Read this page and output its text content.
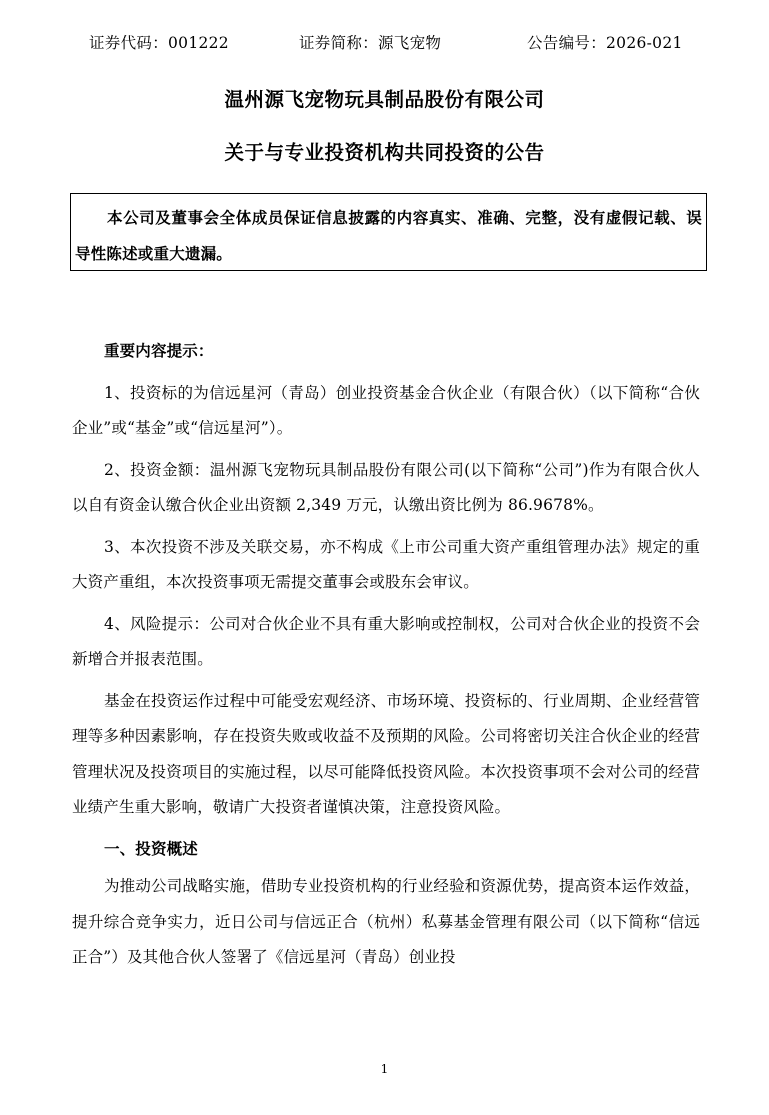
证券代码：001222	证券简称：源飞宠物	公告编号：2026-021
温州源飞宠物玩具制品股份有限公司
关于与专业投资机构共同投资的公告
本公司及董事会全体成员保证信息披露的内容真实、准确、完整，没有虚假记载、误导性陈述或重大遗漏。
重要内容提示：

1、投资标的为信远星河（青岛）创业投资基金合伙企业（有限合伙）（以下简称“合伙企业”或“基金”或“信远星河”）。

2、投资金额：温州源飞宠物玩具制品股份有限公司(以下简称“公司”)作为有限合伙人以自有资金认缴合伙企业出资额 2,349 万元，认缴出资比例为 86.9678%。

3、本次投资不涉及关联交易，亦不构成《上市公司重大资产重组管理办法》规定的重大资产重组，本次投资事项无需提交董事会或股东会审议。

4、风险提示：公司对合伙企业不具有重大影响或控制权，公司对合伙企业的投资不会新增合并报表范围。

基金在投资运作过程中可能受宏观经济、市场环境、投资标的、行业周期、企业经营管理等多种因素影响，存在投资失败或收益不及预期的风险。公司将密切关注合伙企业的经营管理状况及投资项目的实施过程，以尽可能降低投资风险。本次投资事项不会对公司的经营业绩产生重大影响，敬请广大投资者谨慎决策，注意投资风险。

一、投资概述

为推动公司战略实施，借助专业投资机构的行业经验和资源优势，提高资本运作效益，提升综合竞争实力，近日公司与信远正合（杭州）私募基金管理有限公司（以下简称“信远正合”）及其他合伙人签署了《信远星河（青岛）创业投

1
